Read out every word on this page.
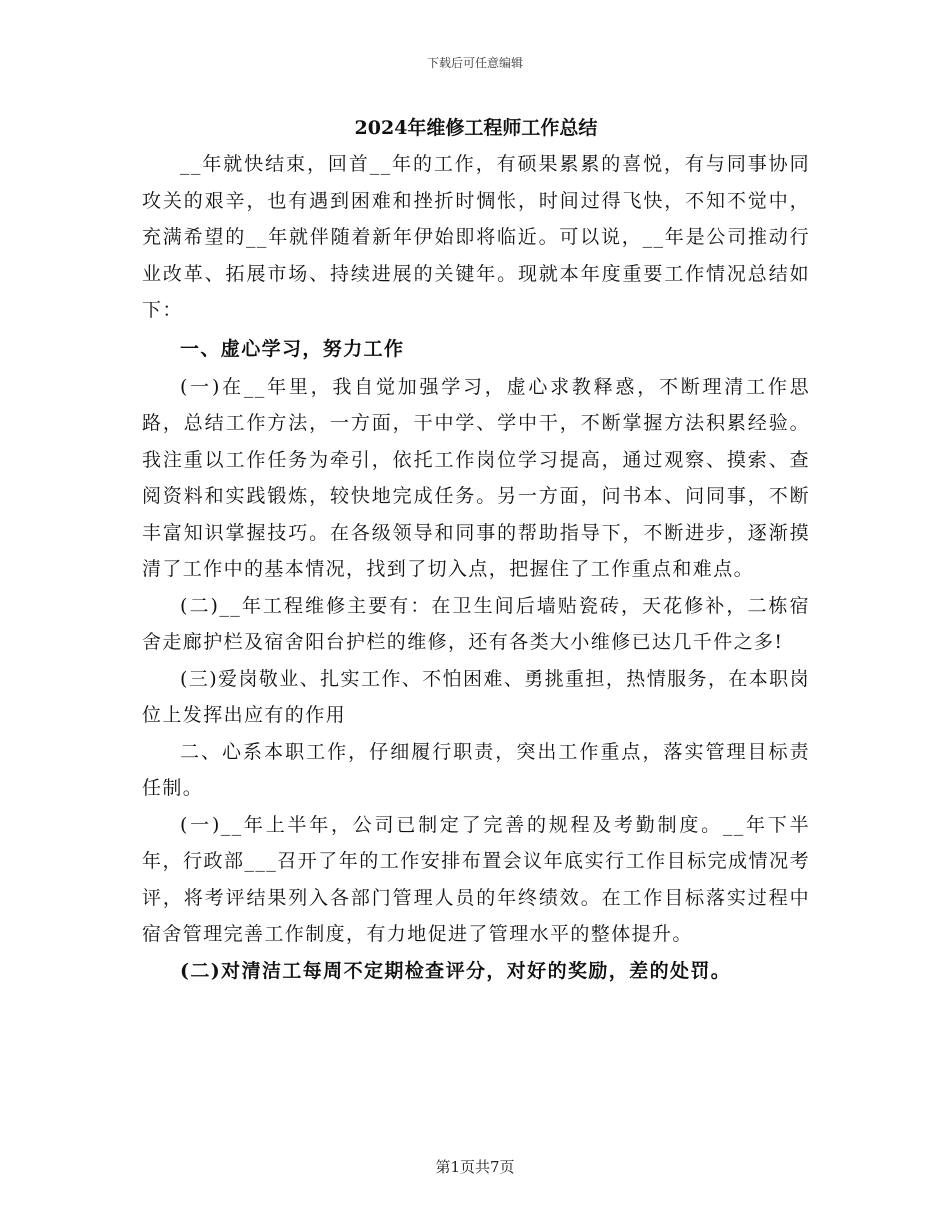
下载后可任意编辑
2024年维修工程师工作总结

__年就快结束，回首__年的工作，有硕果累累的喜悦，有与同事协同攻关的艰辛，也有遇到困难和挫折时惆怅，时间过得飞快，不知不觉中，充满希望的__年就伴随着新年伊始即将临近。可以说，__年是公司推动行业改革、拓展市场、持续进展的关键年。现就本年度重要工作情况总结如下：

一、虚心学习，努力工作

(一)在__年里，我自觉加强学习，虚心求教释惑，不断理清工作思路，总结工作方法，一方面，干中学、学中干，不断掌握方法积累经验。我注重以工作任务为牵引，依托工作岗位学习提高，通过观察、摸索、查阅资料和实践锻炼，较快地完成任务。另一方面，问书本、问同事，不断丰富知识掌握技巧。在各级领导和同事的帮助指导下，不断进步，逐渐摸清了工作中的基本情况，找到了切入点，把握住了工作重点和难点。

(二)__年工程维修主要有：在卫生间后墙贴瓷砖，天花修补，二栋宿舍走廊护栏及宿舍阳台护栏的维修，还有各类大小维修已达几千件之多!

(三)爱岗敬业、扎实工作、不怕困难、勇挑重担，热情服务，在本职岗位上发挥出应有的作用

二、心系本职工作，仔细履行职责，突出工作重点，落实管理目标责任制。

(一)__年上半年，公司已制定了完善的规程及考勤制度。__年下半年，行政部___召开了年的工作安排布置会议年底实行工作目标完成情况考评，将考评结果列入各部门管理人员的年终绩效。在工作目标落实过程中宿舍管理完善工作制度，有力地促进了管理水平的整体提升。

(二)对清洁工每周不定期检查评分，对好的奖励，差的处罚。

第1页共7页
